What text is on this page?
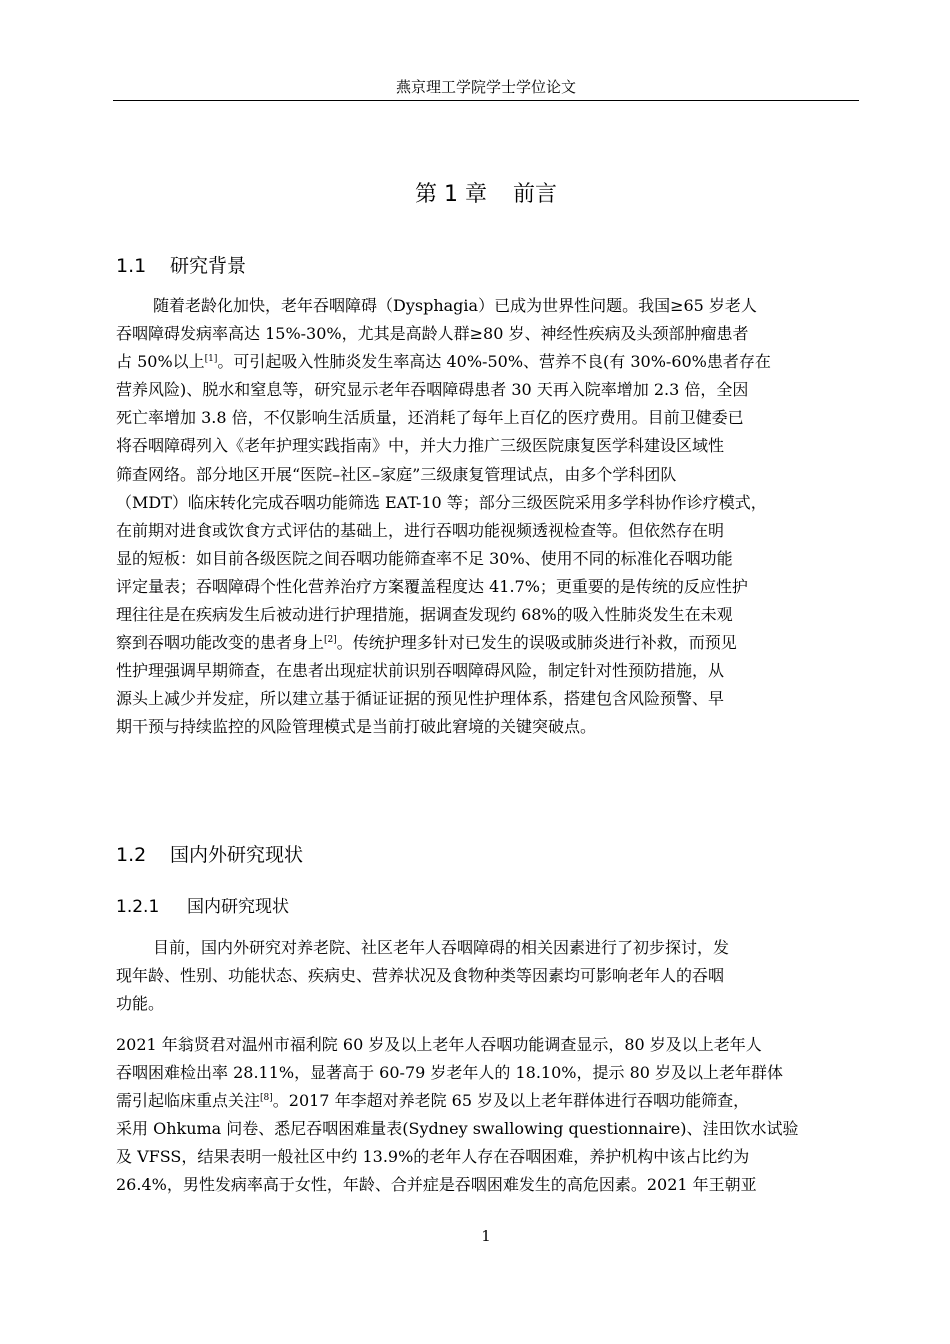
燕京理工学院学士学位论文
第 1 章 前言
1.1 研究背景
随着老龄化加快，老年吞咽障碍（Dysphagia）已成为世界性问题。我国≥65 岁老人
吞咽障碍发病率高达 15%-30%，尤其是高龄人群≥80 岁、神经性疾病及头颈部肿瘤患者
占 50%以上[1]。可引起吸入性肺炎发生率高达 40%-50%、营养不良(有 30%-60%患者存在
营养风险)、脱水和窒息等，研究显示老年吞咽障碍患者 30 天再入院率增加 2.3 倍，全因
死亡率增加 3.8 倍，不仅影响生活质量，还消耗了每年上百亿的医疗费用。目前卫健委已
将吞咽障碍列入《老年护理实践指南》中，并大力推广三级医院康复医学科建设区域性
筛查网络。部分地区开展“医院–社区–家庭”三级康复管理试点，由多个学科团队
（MDT）临床转化完成吞咽功能筛选 EAT-10 等；部分三级医院采用多学科协作诊疗模式，
在前期对进食或饮食方式评估的基础上，进行吞咽功能视频透视检查等。但依然存在明
显的短板：如目前各级医院之间吞咽功能筛查率不足 30%、使用不同的标准化吞咽功能
评定量表；吞咽障碍个性化营养治疗方案覆盖程度达 41.7%；更重要的是传统的反应性护
理往往是在疾病发生后被动进行护理措施，据调查发现约 68%的吸入性肺炎发生在未观
察到吞咽功能改变的患者身上[2]。传统护理多针对已发生的误吸或肺炎进行补救，而预见
性护理强调早期筛查，在患者出现症状前识别吞咽障碍风险，制定针对性预防措施，从
源头上减少并发症，所以建立基于循证证据的预见性护理体系，搭建包含风险预警、早
期干预与持续监控的风险管理模式是当前打破此窘境的关键突破点。
1.2 国内外研究现状
1.2.1 国内研究现状
目前，国内外研究对养老院、社区老年人吞咽障碍的相关因素进行了初步探讨，发
现年龄、性别、功能状态、疾病史、营养状况及食物种类等因素均可影响老年人的吞咽
功能。
2021 年翁贤君对温州市福利院 60 岁及以上老年人吞咽功能调查显示，80 岁及以上老年人
吞咽困难检出率 28.11%，显著高于 60-79 岁老年人的 18.10%，提示 80 岁及以上老年群体
需引起临床重点关注[8]。2017 年李超对养老院 65 岁及以上老年群体进行吞咽功能筛查，
采用 Ohkuma 问卷、悉尼吞咽困难量表(Sydney swallowing questionnaire)、洼田饮水试验
及 VFSS，结果表明一般社区中约 13.9%的老年人存在吞咽困难，养护机构中该占比约为
26.4%，男性发病率高于女性，年龄、合并症是吞咽困难发生的高危因素。2021 年王朝亚
1
